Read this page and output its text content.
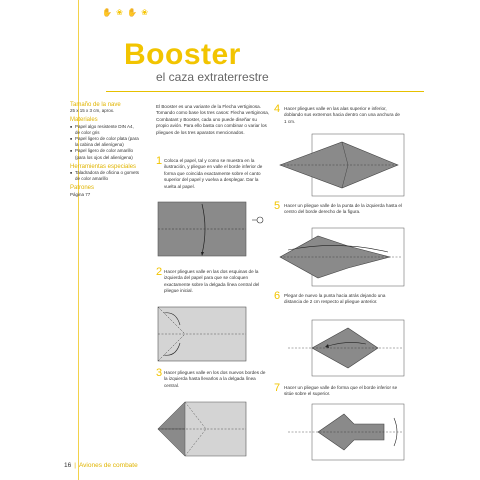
✋ ❀ ✋ ❀
Booster
el caza extraterrestre
Tamaño de la nave
25 x 15 x 3 cm, aprox.
Materiales
■ Papel algo resistente DIN A4, de color gris
■ Papel ligero de color plata (para la cabina del alienígena)
■ Papel ligero de color amarillo (para los ojos del alienígena)
Herramientas especiales
■ Taladradora de oficina o gomets de color amarillo
Patrones
Página 77
El Booster es una variante de la Flecha vertiginosa. Tomando como base los tres casos: Flecha vertiginosa, Combatant y Booster, cada uno puede diseñar su propio avión. Para ello basta con combinar o variar los pliegues de los tres aparatos mencionados.
1 Coloca el papel, tal y como se muestra en la ilustración, y pliegue en valle el borde inferior de forma que coincida exactamente sobre el canto superior del papel y vuelva a desplegar. Dar la vuelta al papel.
2 Hacer pliegues valle en las dos esquinas de la izquierda del papel para que se coloquen exactamente sobre la delgada línea central del pliegue inicial.
3 Hacer pliegues valle en los dos nuevos bordes de la izquierda hasta llevarlos a la delgada línea central.
4 Hacer pliegues valle en las alas superior e inferior, doblando sus extremos hacia dentro con una anchura de 1 cm.
5 Hacer un pliegue valle de la punta de la izquierda hasta el centro del borde derecho de la figura.
6 Plegar de nuevo la punta hacia atrás dejando una distancia de 2 cm respecto al pliegue anterior.
7 Hacer un pliegue valle de forma que el borde inferior se sitúe sobre el superior.
16 | Aviones de combate
